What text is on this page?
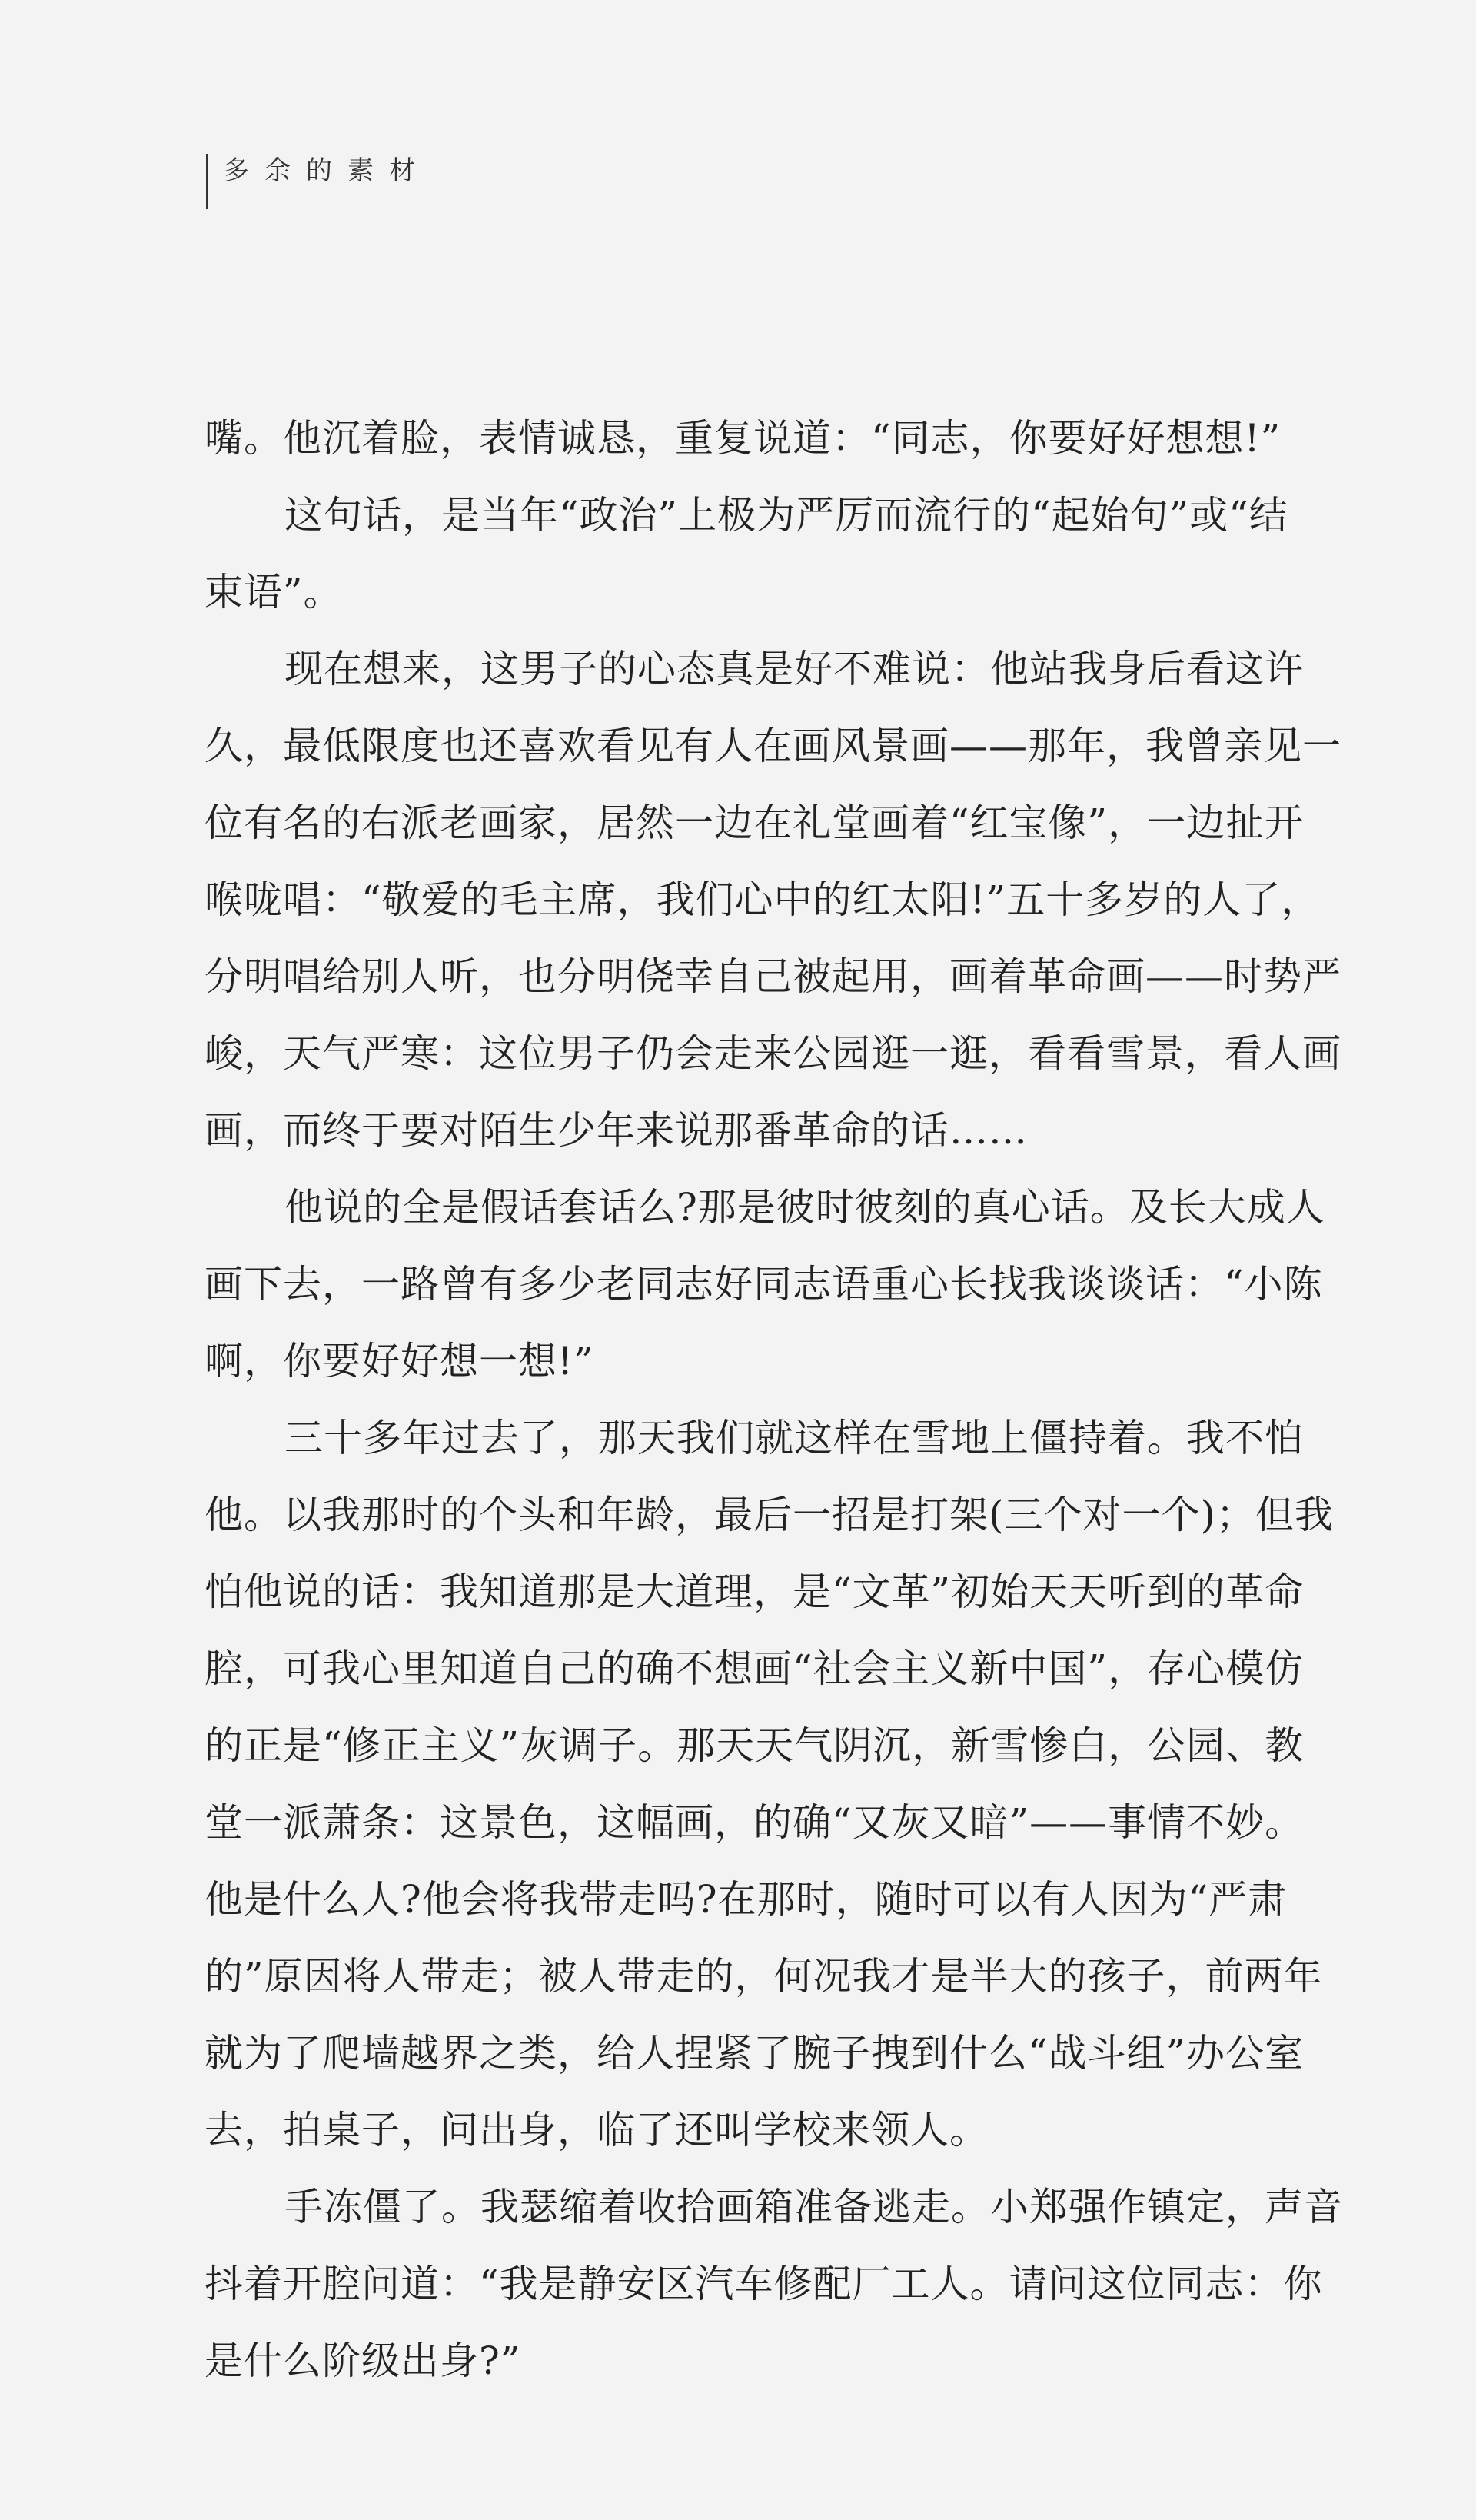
多余的素材
嘴。他沉着脸，表情诚恳，重复说道：“同志，你要好好想想!”
这句话，是当年“政治”上极为严厉而流行的“起始句”或“结
束语”。
现在想来，这男子的心态真是好不难说：他站我身后看这许
久，最低限度也还喜欢看见有人在画风景画——那年，我曾亲见一
位有名的右派老画家，居然一边在礼堂画着“红宝像”，一边扯开
喉咙唱：“敬爱的毛主席，我们心中的红太阳!”五十多岁的人了，
分明唱给别人听，也分明侥幸自己被起用，画着革命画——时势严
峻，天气严寒：这位男子仍会走来公园逛一逛，看看雪景，看人画
画，而终于要对陌生少年来说那番革命的话……
他说的全是假话套话么?那是彼时彼刻的真心话。及长大成人
画下去，一路曾有多少老同志好同志语重心长找我谈谈话：“小陈
啊，你要好好想一想!”
三十多年过去了，那天我们就这样在雪地上僵持着。我不怕
他。以我那时的个头和年龄，最后一招是打架(三个对一个)；但我
怕他说的话：我知道那是大道理，是“文革”初始天天听到的革命
腔，可我心里知道自己的确不想画“社会主义新中国”，存心模仿
的正是“修正主义”灰调子。那天天气阴沉，新雪惨白，公园、教
堂一派萧条：这景色，这幅画，的确“又灰又暗”——事情不妙。
他是什么人?他会将我带走吗?在那时，随时可以有人因为“严肃
的”原因将人带走；被人带走的，何况我才是半大的孩子，前两年
就为了爬墙越界之类，给人捏紧了腕子拽到什么“战斗组”办公室
去，拍桌子，问出身，临了还叫学校来领人。
手冻僵了。我瑟缩着收拾画箱准备逃走。小郑强作镇定，声音
抖着开腔问道：“我是静安区汽车修配厂工人。请问这位同志：你
是什么阶级出身?”
